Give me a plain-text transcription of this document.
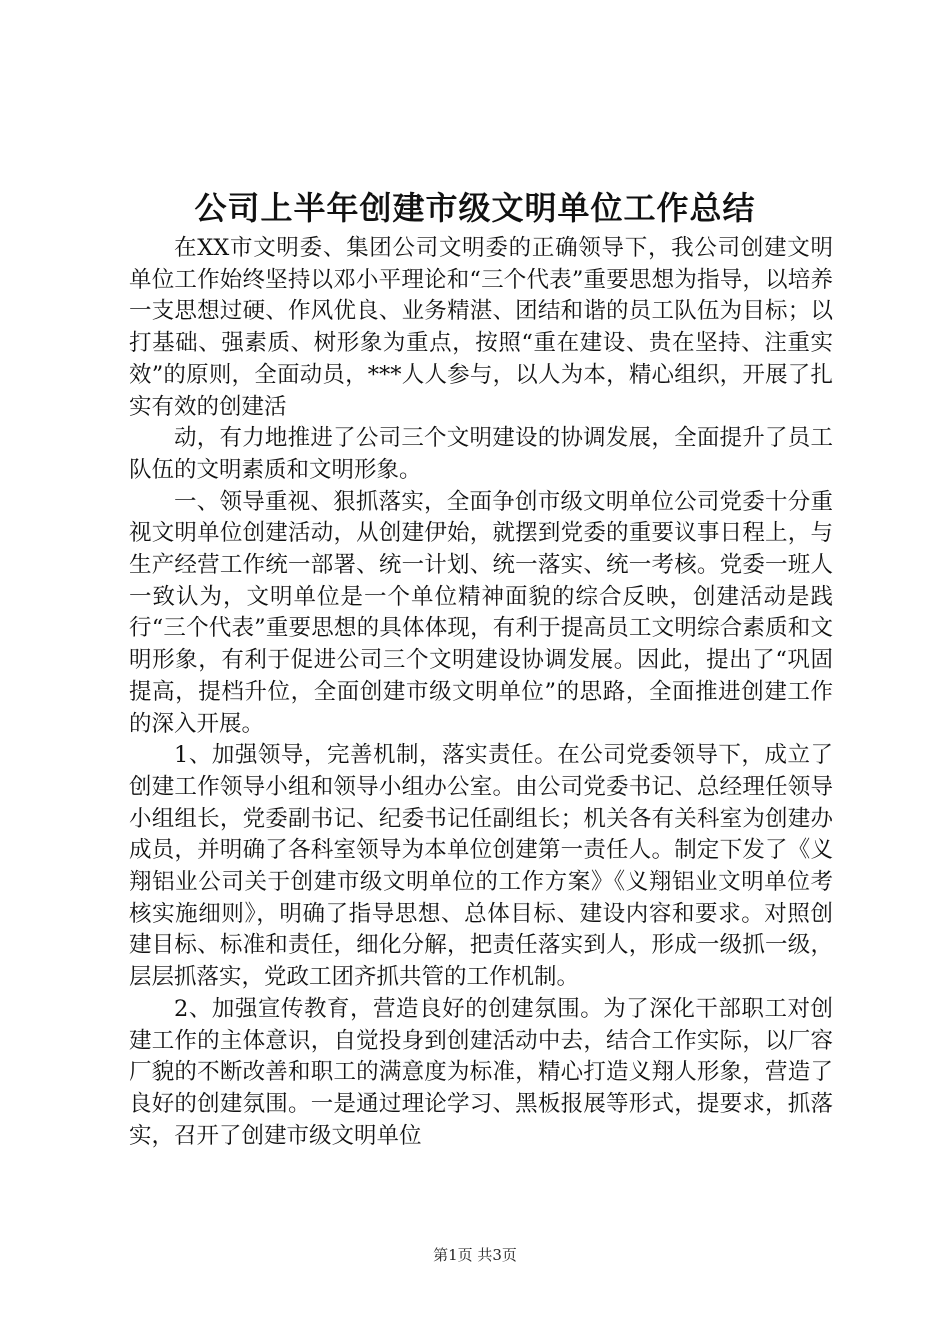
公司上半年创建市级文明单位工作总结

在XX市文明委、集团公司文明委的正确领导下，我公司创建文明单位工作始终坚持以邓小平理论和“三个代表”重要思想为指导，以培养一支思想过硬、作风优良、业务精湛、团结和谐的员工队伍为目标；以打基础、强素质、树形象为重点，按照“重在建设、贵在坚持、注重实效”的原则，全面动员，***人人参与，以人为本，精心组织，开展了扎实有效的创建活

动，有力地推进了公司三个文明建设的协调发展，全面提升了员工队伍的文明素质和文明形象。

一、领导重视、狠抓落实，全面争创市级文明单位公司党委十分重视文明单位创建活动，从创建伊始，就摆到党委的重要议事日程上，与生产经营工作统一部署、统一计划、统一落实、统一考核。党委一班人一致认为，文明单位是一个单位精神面貌的综合反映，创建活动是践行“三个代表”重要思想的具体体现，有利于提高员工文明综合素质和文明形象，有利于促进公司三个文明建设协调发展。因此，提出了“巩固提高，提档升位，全面创建市级文明单位”的思路，全面推进创建工作的深入开展。

1、加强领导，完善机制，落实责任。在公司党委领导下，成立了创建工作领导小组和领导小组办公室。由公司党委书记、总经理任领导小组组长，党委副书记、纪委书记任副组长；机关各有关科室为创建办成员，并明确了各科室领导为本单位创建第一责任人。制定下发了《义翔铝业公司关于创建市级文明单位的工作方案》《义翔铝业文明单位考核实施细则》，明确了指导思想、总体目标、建设内容和要求。对照创建目标、标准和责任，细化分解，把责任落实到人，形成一级抓一级，层层抓落实，党政工团齐抓共管的工作机制。

2、加强宣传教育，营造良好的创建氛围。为了深化干部职工对创建工作的主体意识，自觉投身到创建活动中去，结合工作实际，以厂容厂貌的不断改善和职工的满意度为标准，精心打造义翔人形象，营造了良好的创建氛围。一是通过理论学习、黑板报展等形式，提要求，抓落实，召开了创建市级文明单位

第1页 共3页
